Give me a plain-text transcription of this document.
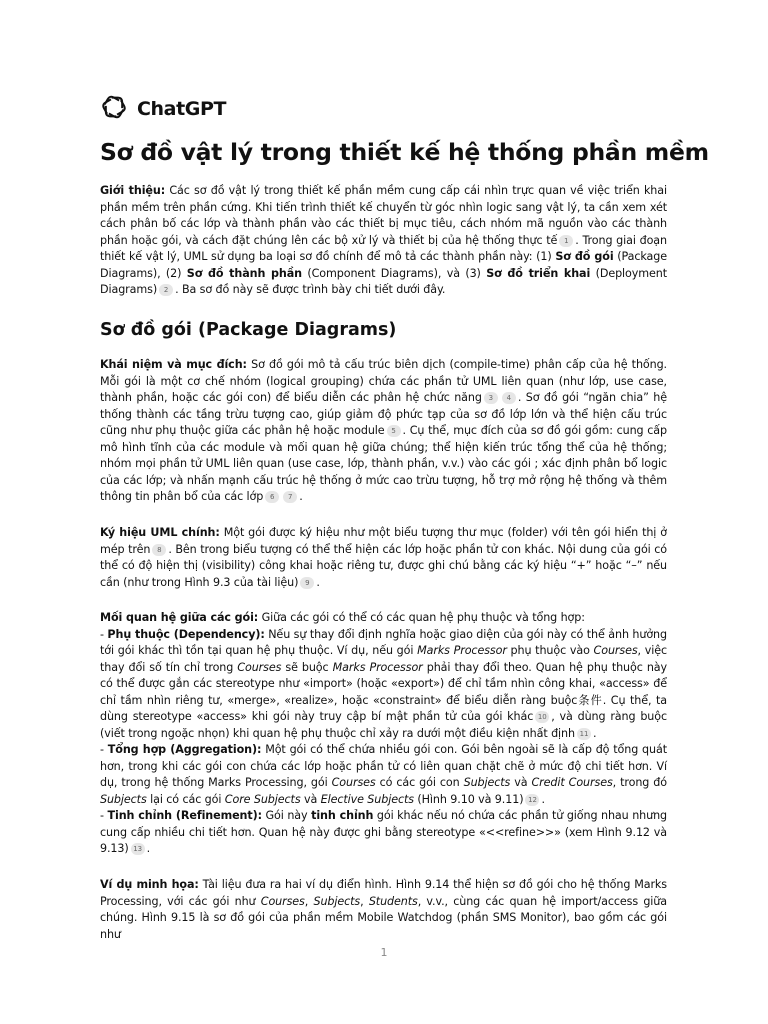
ChatGPT
Sơ đồ vật lý trong thiết kế hệ thống phần mềm

Giới thiệu: Các sơ đồ vật lý trong thiết kế phần mềm cung cấp cái nhìn trực quan về việc triển khai phần mềm trên phần cứng. Khi tiến trình thiết kế chuyển từ góc nhìn logic sang vật lý, ta cần xem xét cách phân bố các lớp và thành phần vào các thiết bị mục tiêu, cách nhóm mã nguồn vào các thành phần hoặc gói, và cách đặt chúng lên các bộ xử lý và thiết bị của hệ thống thực tế 1 . Trong giai đoạn thiết kế vật lý, UML sử dụng ba loại sơ đồ chính để mô tả các thành phần này: (1) Sơ đồ gói (Package Diagrams), (2) Sơ đồ thành phần (Component Diagrams), và (3) Sơ đồ triển khai (Deployment Diagrams) 2 . Ba sơ đồ này sẽ được trình bày chi tiết dưới đây.

Sơ đồ gói (Package Diagrams)

Khái niệm và mục đích: Sơ đồ gói mô tả cấu trúc biên dịch (compile-time) phân cấp của hệ thống. Mỗi gói là một cơ chế nhóm (logical grouping) chứa các phần tử UML liên quan (như lớp, use case, thành phần, hoặc các gói con) để biểu diễn các phân hệ chức năng 3 4 . Sơ đồ gói “ngăn chia” hệ thống thành các tầng trừu tượng cao, giúp giảm độ phức tạp của sơ đồ lớp lớn và thể hiện cấu trúc cũng như phụ thuộc giữa các phân hệ hoặc module 5 . Cụ thể, mục đích của sơ đồ gói gồm: cung cấp mô hình tĩnh của các module và mối quan hệ giữa chúng; thể hiện kiến trúc tổng thể của hệ thống; nhóm mọi phần tử UML liên quan (use case, lớp, thành phần, v.v.) vào các gói ; xác định phân bổ logic của các lớp; và nhấn mạnh cấu trúc hệ thống ở mức cao trừu tượng, hỗ trợ mở rộng hệ thống và thêm thông tin phân bổ của các lớp 6 7 .

Ký hiệu UML chính: Một gói được ký hiệu như một biểu tượng thư mục (folder) với tên gói hiển thị ở mép trên 8 . Bên trong biểu tượng có thể thể hiện các lớp hoặc phần tử con khác. Nội dung của gói có thể có độ hiện thị (visibility) công khai hoặc riêng tư, được ghi chú bằng các ký hiệu “+” hoặc “–” nếu cần (như trong Hình 9.3 của tài liệu) 9 .

Mối quan hệ giữa các gói: Giữa các gói có thể có các quan hệ phụ thuộc và tổng hợp:
- Phụ thuộc (Dependency): Nếu sự thay đổi định nghĩa hoặc giao diện của gói này có thể ảnh hưởng tới gói khác thì tồn tại quan hệ phụ thuộc. Ví dụ, nếu gói Marks Processor phụ thuộc vào Courses, việc thay đổi số tín chỉ trong Courses sẽ buộc Marks Processor phải thay đổi theo. Quan hệ phụ thuộc này có thể được gắn các stereotype như «import» (hoặc «export») để chỉ tầm nhìn công khai, «access» để chỉ tầm nhìn riêng tư, «merge», «realize», hoặc «constraint» để biểu diễn ràng buộc条件. Cụ thể, ta dùng stereotype «access» khi gói này truy cập bí mật phần tử của gói khác 10 , và dùng ràng buộc (viết trong ngoặc nhọn) khi quan hệ phụ thuộc chỉ xảy ra dưới một điều kiện nhất định 11 .
- Tổng hợp (Aggregation): Một gói có thể chứa nhiều gói con. Gói bên ngoài sẽ là cấp độ tổng quát hơn, trong khi các gói con chứa các lớp hoặc phần tử có liên quan chặt chẽ ở mức độ chi tiết hơn. Ví dụ, trong hệ thống Marks Processing, gói Courses có các gói con Subjects và Credit Courses, trong đó Subjects lại có các gói Core Subjects và Elective Subjects (Hình 9.10 và 9.11) 12 .
- Tinh chỉnh (Refinement): Gói này tinh chỉnh gói khác nếu nó chứa các phần tử giống nhau nhưng cung cấp nhiều chi tiết hơn. Quan hệ này được ghi bằng stereotype «<<refine>>» (xem Hình 9.12 và 9.13) 13 .

Ví dụ minh họa: Tài liệu đưa ra hai ví dụ điển hình. Hình 9.14 thể hiện sơ đồ gói cho hệ thống Marks Processing, với các gói như Courses, Subjects, Students, v.v., cùng các quan hệ import/access giữa chúng. Hình 9.15 là sơ đồ gói của phần mềm Mobile Watchdog (phần SMS Monitor), bao gồm các gói như

1
